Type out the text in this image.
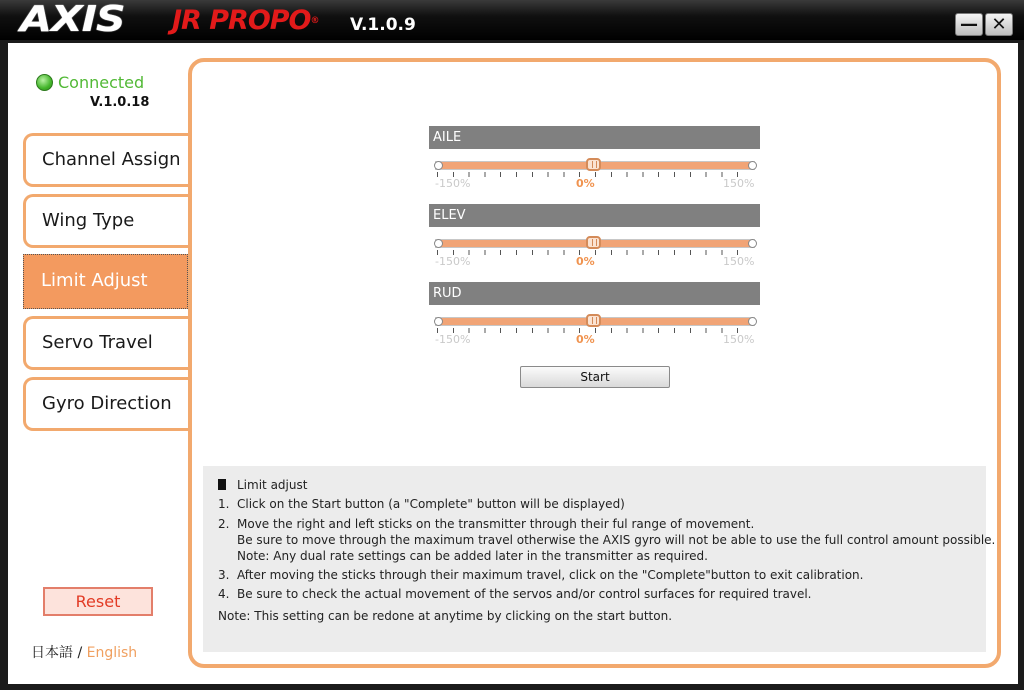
AXIS JR PROPO® V.1.0.9	— ✕
Connected
V.1.0.18
Channel Assign
Wing Type
Limit Adjust
Servo Travel
Gyro Direction
AILE
-150%	0%	150%
ELEV
-150%	0%	150%
RUD
-150%	0%	150%
Start
Limit adjust
1. Click on the Start button (a "Complete" button will be displayed)
2. Move the right and left sticks on the transmitter through their ful range of movement.
Be sure to move through the maximum travel otherwise the AXIS gyro will not be able to use the full control amount possible.
Note: Any dual rate settings can be added later in the transmitter as required.
3. After moving the sticks through their maximum travel, click on the "Complete"button to exit calibration.
4. Be sure to check the actual movement of the servos and/or control surfaces for required travel.
Note: This setting can be redone at anytime by clicking on the start button.
Reset
日本語 / English
